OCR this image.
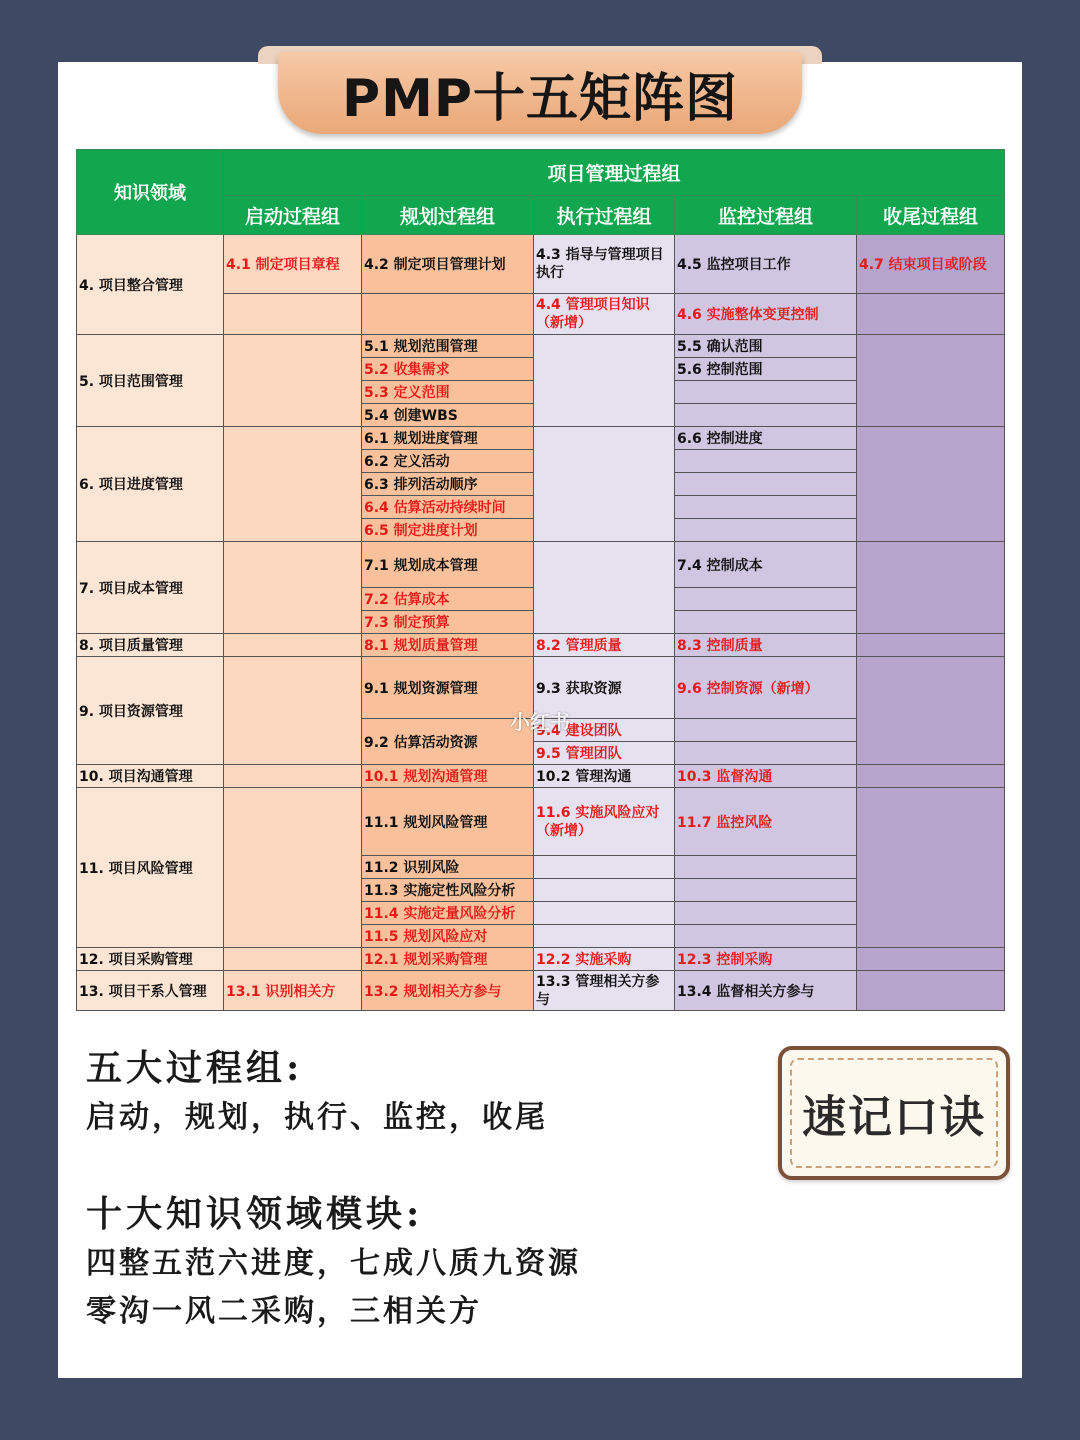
PMP十五矩阵图
知识领域	项目管理过程组				
	启动过程组	规划过程组	执行过程组	监控过程组	收尾过程组
4. 项目整合管理	4.1 制定项目章程	4.2 制定项目管理计划	4.3 指导与管理项目执行	4.5 监控项目工作	4.7 结束项目或阶段
			4.4 管理项目知识（新增）	4.6 实施整体变更控制	
5. 项目范围管理		5.1 规划范围管理		5.5 确认范围	
		5.2 收集需求		5.6 控制范围	
		5.3 定义范围			
		5.4 创建WBS			
6. 项目进度管理		6.1 规划进度管理		6.6 控制进度	
		6.2 定义活动			
		6.3 排列活动顺序			
		6.4 估算活动持续时间			
		6.5 制定进度计划			
7. 项目成本管理		7.1 规划成本管理		7.4 控制成本	
		7.2 估算成本			
		7.3 制定预算			
8. 项目质量管理		8.1 规划质量管理	8.2 管理质量	8.3 控制质量	
9. 项目资源管理		9.1 规划资源管理	9.3 获取资源	9.6 控制资源（新增）	
		9.2 估算活动资源	9.4 建设团队		
			9.5 管理团队		
10. 项目沟通管理		10.1 规划沟通管理	10.2 管理沟通	10.3 监督沟通	
11. 项目风险管理		11.1 规划风险管理	11.6 实施风险应对（新增）	11.7 监控风险	
		11.2 识别风险			
		11.3 实施定性风险分析			
		11.4 实施定量风险分析			
		11.5 规划风险应对			
12. 项目采购管理		12.1 规划采购管理	12.2 实施采购	12.3 控制采购	
13. 项目干系人管理	13.1 识别相关方	13.2 规划相关方参与	13.3 管理相关方参与	13.4 监督相关方参与	
小红书
五大过程组:
启动，规划，执行、监控，收尾
十大知识领域模块:
四整五范六进度，七成八质九资源
零沟一风二采购，三相关方
速记口诀
